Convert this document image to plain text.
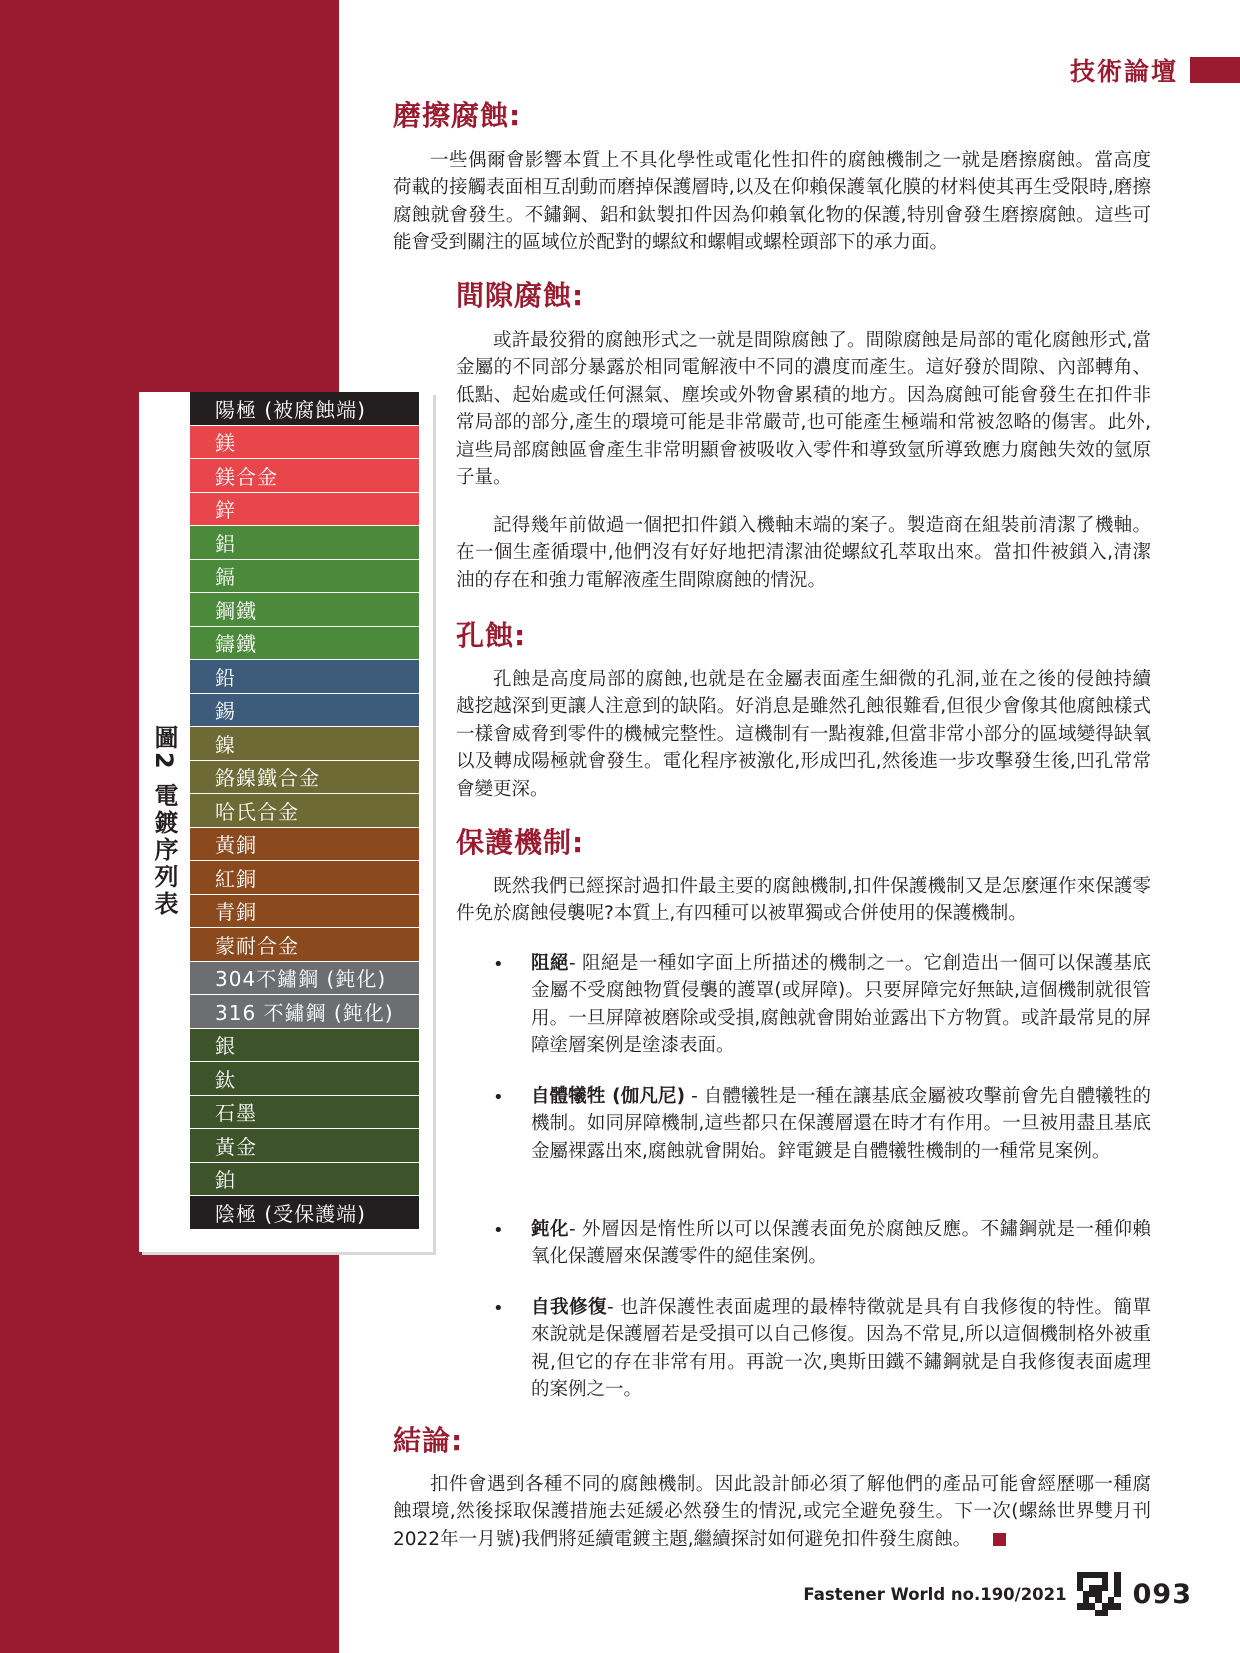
技術論壇
磨擦腐蝕:

一些偶爾會影響本質上不具化學性或電化性扣件的腐蝕機制之一就是磨擦腐蝕。當高度荷載的接觸表面相互刮動而磨掉保護層時,以及在仰賴保護氧化膜的材料使其再生受限時,磨擦腐蝕就會發生。不鏽鋼、鋁和鈦製扣件因為仰賴氧化物的保護,特別會發生磨擦腐蝕。這些可能會受到關注的區域位於配對的螺紋和螺帽或螺栓頭部下的承力面。

間隙腐蝕:

或許最狡猾的腐蝕形式之一就是間隙腐蝕了。間隙腐蝕是局部的電化腐蝕形式,當金屬的不同部分暴露於相同電解液中不同的濃度而產生。這好發於間隙、內部轉角、低點、起始處或任何濕氣、塵埃或外物會累積的地方。因為腐蝕可能會發生在扣件非常局部的部分,產生的環境可能是非常嚴苛,也可能產生極端和常被忽略的傷害。此外,這些局部腐蝕區會產生非常明顯會被吸收入零件和導致氫所導致應力腐蝕失效的氫原子量。

記得幾年前做過一個把扣件鎖入機軸末端的案子。製造商在組裝前清潔了機軸。在一個生產循環中,他們沒有好好地把清潔油從螺紋孔萃取出來。當扣件被鎖入,清潔油的存在和強力電解液產生間隙腐蝕的情況。

孔蝕:

孔蝕是高度局部的腐蝕,也就是在金屬表面產生細微的孔洞,並在之後的侵蝕持續越挖越深到更讓人注意到的缺陷。好消息是雖然孔蝕很難看,但很少會像其他腐蝕樣式一樣會威脅到零件的機械完整性。這機制有一點複雜,但當非常小部分的區域變得缺氧以及轉成陽極就會發生。電化程序被激化,形成凹孔,然後進一步攻擊發生後,凹孔常常會變更深。

保護機制:

既然我們已經探討過扣件最主要的腐蝕機制,扣件保護機制又是怎麼運作來保護零件免於腐蝕侵襲呢?本質上,有四種可以被單獨或合併使用的保護機制。

• 阻絕- 阻絕是一種如字面上所描述的機制之一。它創造出一個可以保護基底金屬不受腐蝕物質侵襲的護罩(或屏障)。只要屏障完好無缺,這個機制就很管用。一旦屏障被磨除或受損,腐蝕就會開始並露出下方物質。或許最常見的屏障塗層案例是塗漆表面。

• 自體犧牲 (伽凡尼) - 自體犧牲是一種在讓基底金屬被攻擊前會先自體犧牲的機制。如同屏障機制,這些都只在保護層還在時才有作用。一旦被用盡且基底金屬裸露出來,腐蝕就會開始。鋅電鍍是自體犧牲機制的一種常見案例。

• 鈍化- 外層因是惰性所以可以保護表面免於腐蝕反應。不鏽鋼就是一種仰賴氧化保護層來保護零件的絕佳案例。

• 自我修復- 也許保護性表面處理的最棒特徵就是具有自我修復的特性。簡單來說就是保護層若是受損可以自己修復。因為不常見,所以這個機制格外被重視,但它的存在非常有用。再說一次,奧斯田鐵不鏽鋼就是自我修復表面處理的案例之一。

結論:

扣件會遇到各種不同的腐蝕機制。因此設計師必須了解他們的產品可能會經歷哪一種腐蝕環境,然後採取保護措施去延緩必然發生的情況,或完全避免發生。下一次(螺絲世界雙月刊2022年一月號)我們將延續電鍍主題,繼續探討如何避免扣件發生腐蝕。

圖2 電鍍序列表
陽極 (被腐蝕端)
鎂
鎂合金
鋅
鋁
鎘
鋼鐵
鑄鐵
鉛
錫
鎳
鉻鎳鐵合金
哈氏合金
黃銅
紅銅
青銅
蒙耐合金
304不鏽鋼 (鈍化)
316 不鏽鋼 (鈍化)
銀
鈦
石墨
黃金
鉑
陰極 (受保護端)
Fastener World no.190/2021 093
